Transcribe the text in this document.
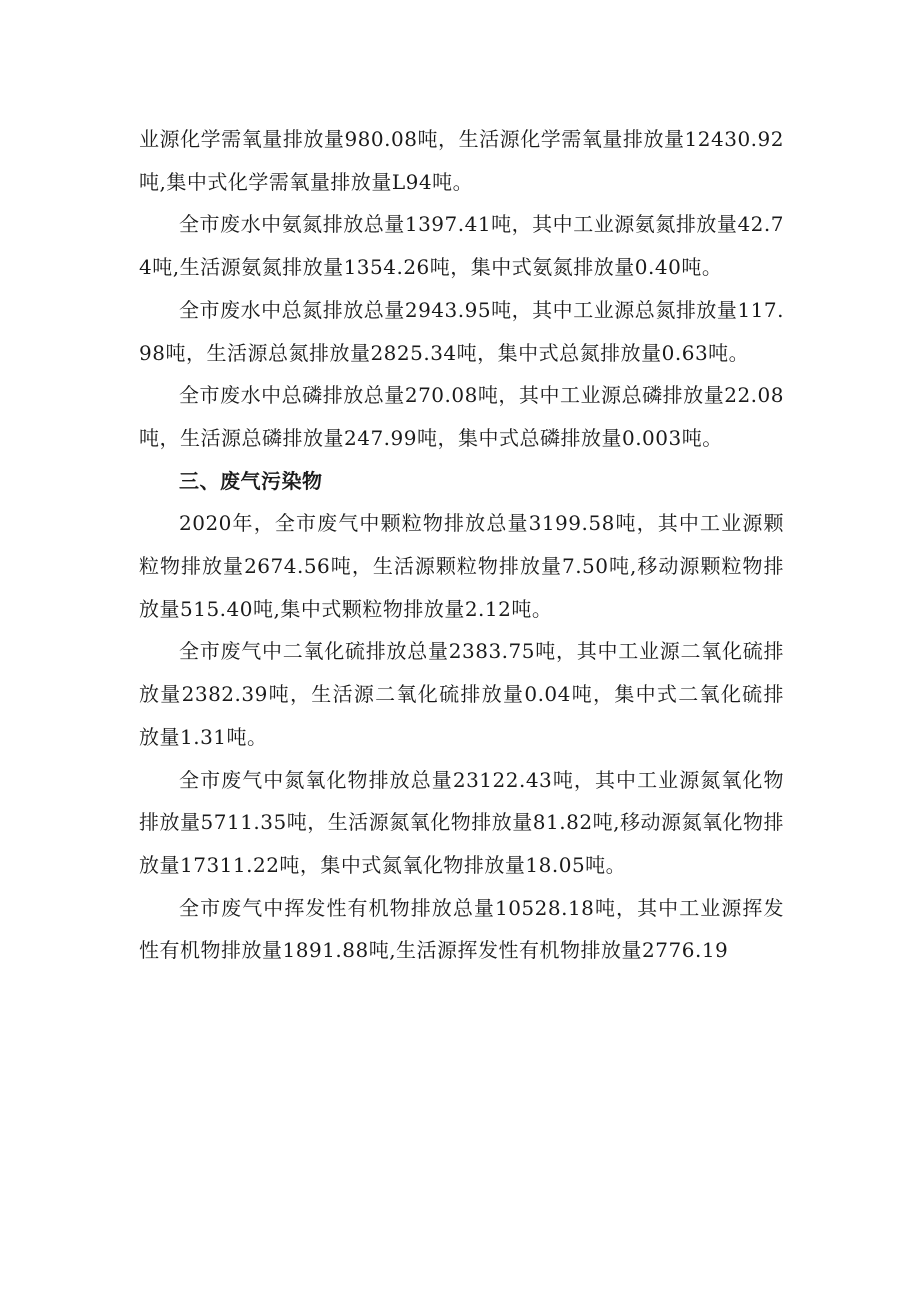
业源化学需氧量排放量980.08吨，生活源化学需氧量排放量12430.92吨,集中式化学需氧量排放量L94吨。

全市废水中氨氮排放总量1397.41吨，其中工业源氨氮排放量42.74吨,生活源氨氮排放量1354.26吨，集中式氨氮排放量0.40吨。

全市废水中总氮排放总量2943.95吨，其中工业源总氮排放量117.98吨，生活源总氮排放量2825.34吨，集中式总氮排放量0.63吨。

全市废水中总磷排放总量270.08吨，其中工业源总磷排放量22.08吨，生活源总磷排放量247.99吨，集中式总磷排放量0.003吨。

三、废气污染物

2020年，全市废气中颗粒物排放总量3199.58吨，其中工业源颗粒物排放量2674.56吨，生活源颗粒物排放量7.50吨,移动源颗粒物排放量515.40吨,集中式颗粒物排放量2.12吨。

全市废气中二氧化硫排放总量2383.75吨，其中工业源二氧化硫排放量2382.39吨，生活源二氧化硫排放量0.04吨，集中式二氧化硫排放量1.31吨。

全市废气中氮氧化物排放总量23122.43吨，其中工业源氮氧化物排放量5711.35吨，生活源氮氧化物排放量81.82吨,移动源氮氧化物排放量17311.22吨，集中式氮氧化物排放量18.05吨。

全市废气中挥发性有机物排放总量10528.18吨，其中工业源挥发性有机物排放量1891.88吨,生活源挥发性有机物排放量2776.19
